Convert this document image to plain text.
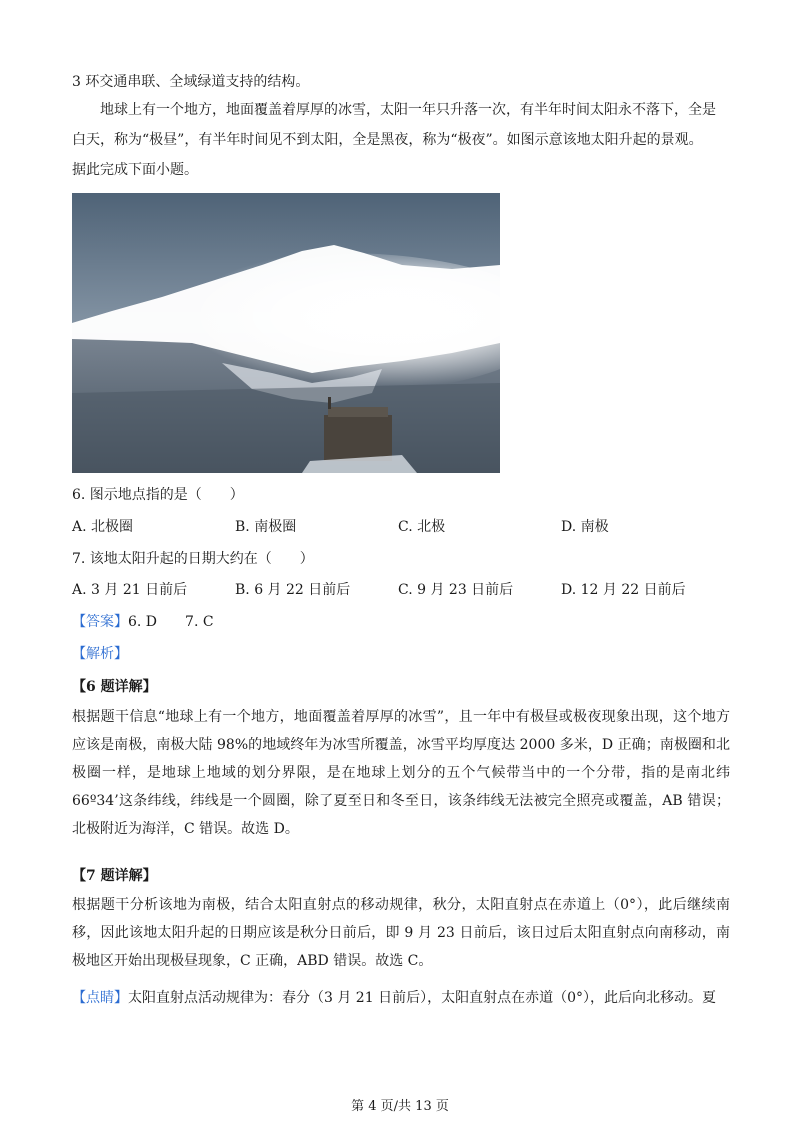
3 环交通串联、全域绿道支持的结构。
地球上有一个地方，地面覆盖着厚厚的冰雪，太阳一年只升落一次，有半年时间太阳永不落下，全是
白天，称为“极昼”，有半年时间见不到太阳，全是黑夜，称为“极夜”。如图示意该地太阳升起的景观。
据此完成下面小题。
6. 图示地点指的是（　　）
A. 北极圈	B. 南极圈	C. 北极	D. 南极
7. 该地太阳升起的日期大约在（　　）
A. 3 月 21 日前后	B. 6 月 22 日前后	C. 9 月 23 日前后	D. 12 月 22 日前后
【答案】6. D　　7. C
【解析】
【6 题详解】
根据题干信息“地球上有一个地方，地面覆盖着厚厚的冰雪”，且一年中有极昼或极夜现象出现，这个地方应该是南极，南极大陆 98%的地域终年为冰雪所覆盖，冰雪平均厚度达 2000 多米，D 正确；南极圈和北极圈一样，是地球上地域的划分界限，是在地球上划分的五个气候带当中的一个分带，指的是南北纬 66º34’这条纬线，纬线是一个圆圈，除了夏至日和冬至日，该条纬线无法被完全照亮或覆盖，AB 错误；北极附近为海洋，C 错误。故选 D。
【7 题详解】
根据题干分析该地为南极，结合太阳直射点的移动规律，秋分，太阳直射点在赤道上（0°），此后继续南移，因此该地太阳升起的日期应该是秋分日前后，即 9 月 23 日前后，该日过后太阳直射点向南移动，南极地区开始出现极昼现象，C 正确，ABD 错误。故选 C。
【点睛】太阳直射点活动规律为：春分（3 月 21 日前后），太阳直射点在赤道（0°），此后向北移动。夏
第 4 页/共 13 页
